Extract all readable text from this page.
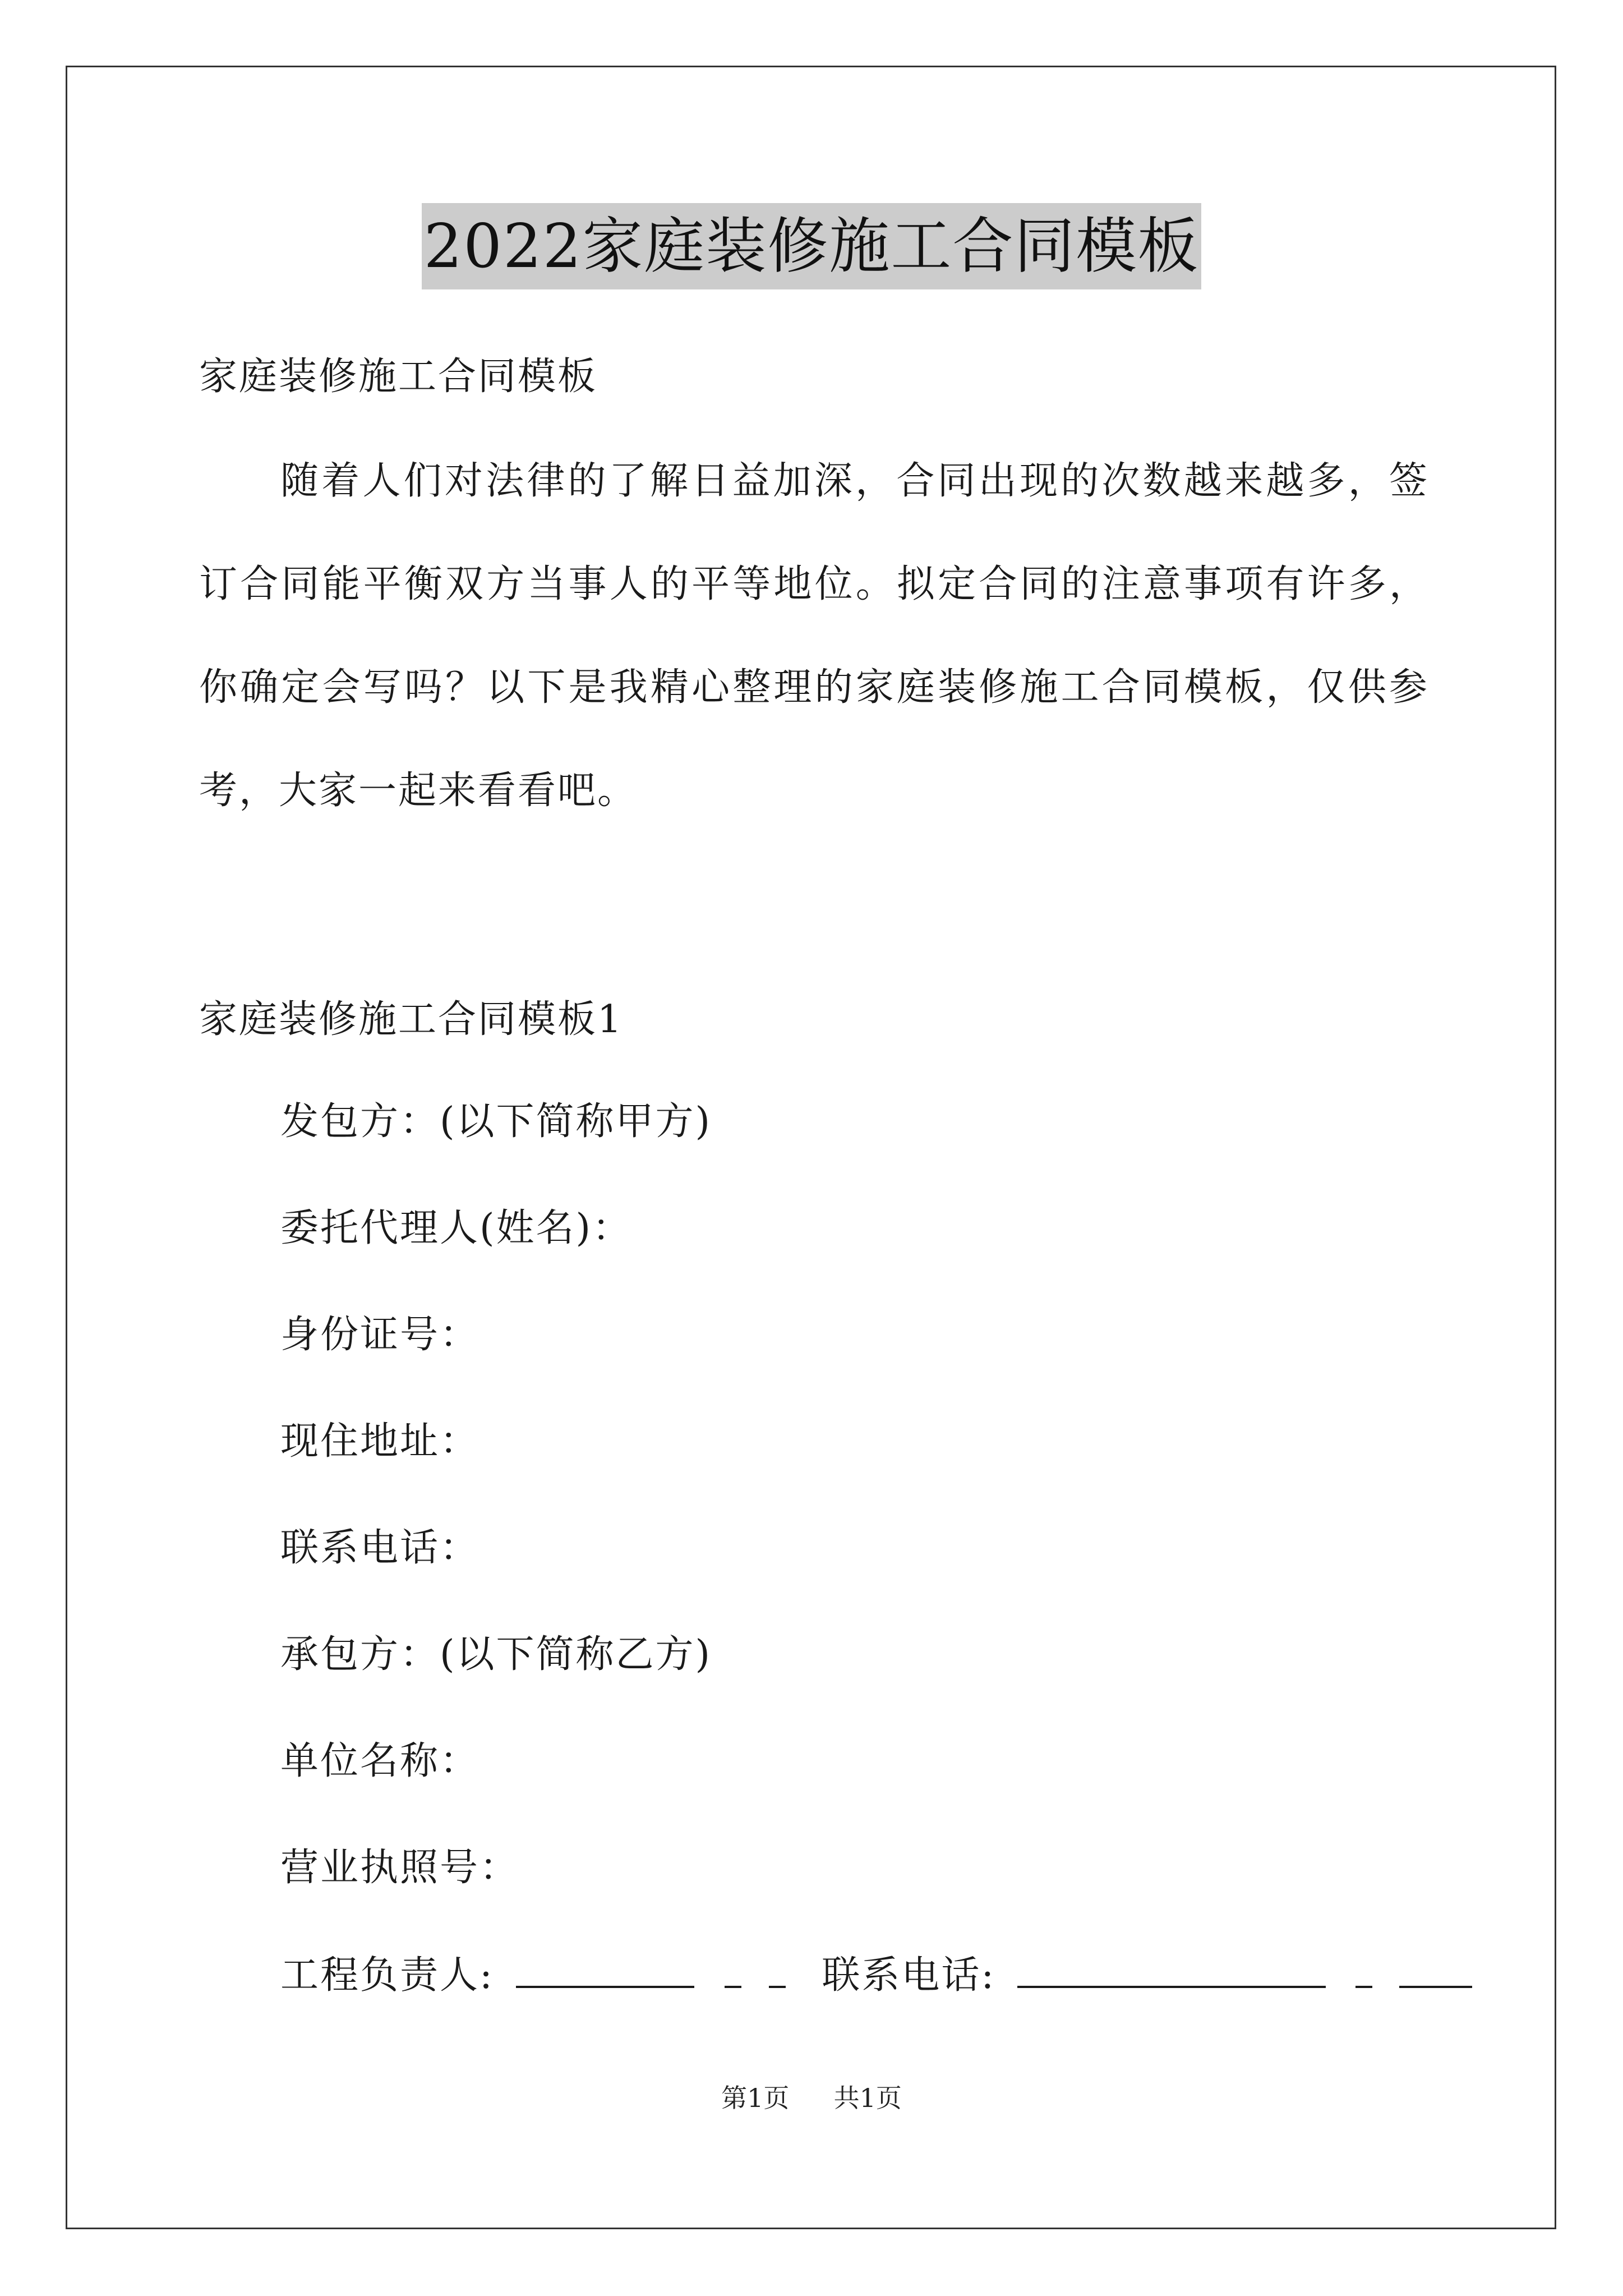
2022家庭装修施工合同模板
家庭装修施工合同模板
随着人们对法律的了解日益加深，合同出现的次数越来越多，签
订合同能平衡双方当事人的平等地位。拟定合同的注意事项有许多，
你确定会写吗？以下是我精心整理的家庭装修施工合同模板，仅供参
考，大家一起来看看吧。
家庭装修施工合同模板1
发包方：(以下简称甲方)
委托代理人(姓名)：
身份证号：
现住地址：
联系电话：
承包方：(以下简称乙方)
单位名称：
营业执照号：
工程负责人:	联系电话:
第1页 共1页
